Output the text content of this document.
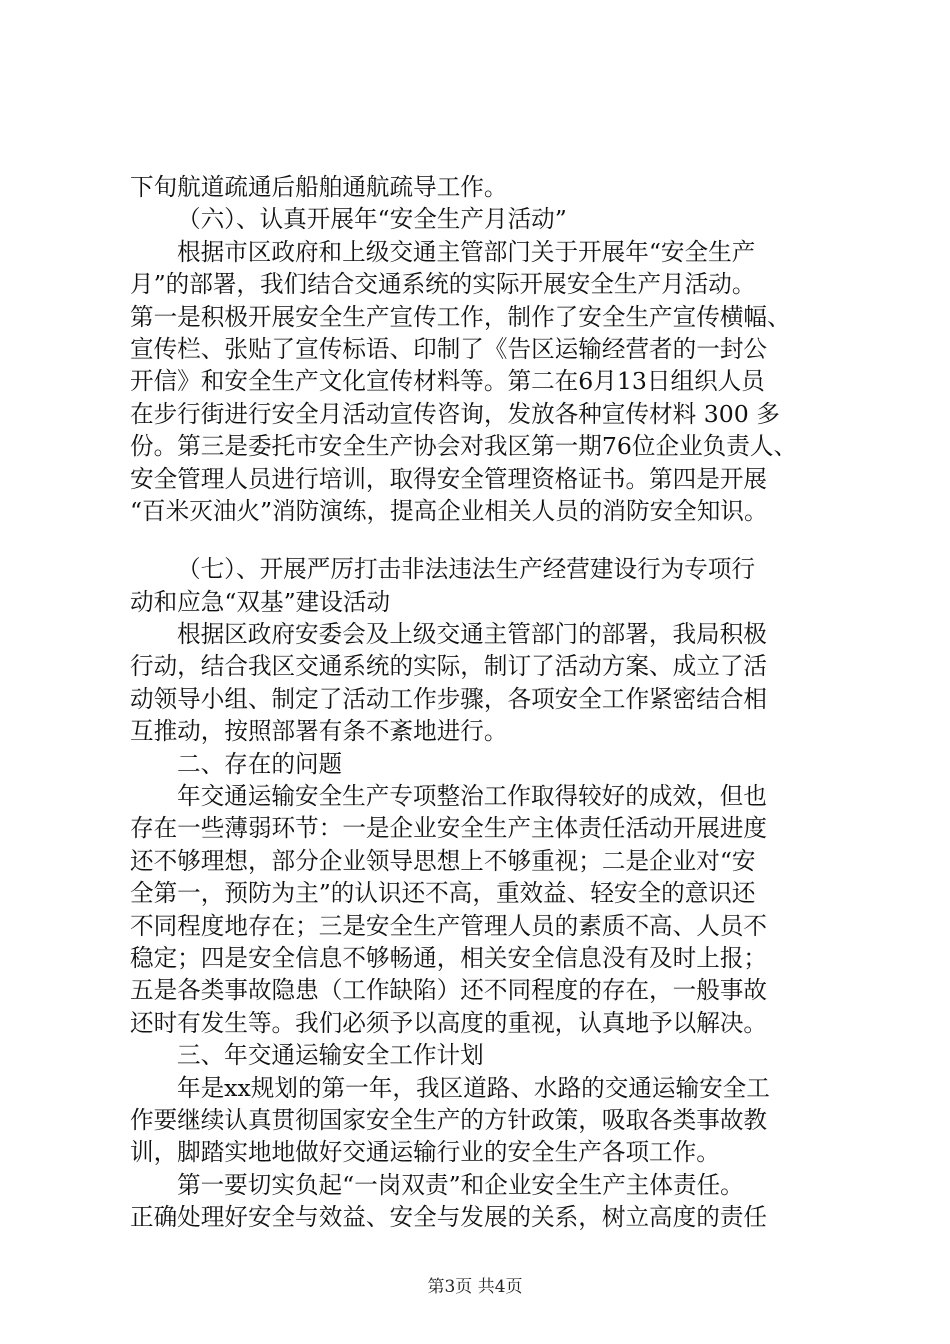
下旬航道疏通后船舶通航疏导工作。
（六）、认真开展年“安全生产月活动”
根据市区政府和上级交通主管部门关于开展年“安全生产
月”的部署，我们结合交通系统的实际开展安全生产月活动。
第一是积极开展安全生产宣传工作，制作了安全生产宣传横幅、
宣传栏、张贴了宣传标语、印制了《告区运输经营者的一封公
开信》和安全生产文化宣传材料等。第二在6月13日组织人员
在步行街进行安全月活动宣传咨询，发放各种宣传材料 300 多
份。第三是委托市安全生产协会对我区第一期76位企业负责人、
安全管理人员进行培训，取得安全管理资格证书。第四是开展
“百米灭油火”消防演练，提高企业相关人员的消防安全知识。
（七）、开展严厉打击非法违法生产经营建设行为专项行
动和应急“双基”建设活动
根据区政府安委会及上级交通主管部门的部署，我局积极
行动，结合我区交通系统的实际，制订了活动方案、成立了活
动领导小组、制定了活动工作步骤，各项安全工作紧密结合相
互推动，按照部署有条不紊地进行。
二、存在的问题
年交通运输安全生产专项整治工作取得较好的成效，但也
存在一些薄弱环节：一是企业安全生产主体责任活动开展进度
还不够理想，部分企业领导思想上不够重视；二是企业对“安
全第一，预防为主”的认识还不高，重效益、轻安全的意识还
不同程度地存在；三是安全生产管理人员的素质不高、人员不
稳定；四是安全信息不够畅通，相关安全信息没有及时上报；
五是各类事故隐患（工作缺陷）还不同程度的存在，一般事故
还时有发生等。我们必须予以高度的重视，认真地予以解决。
三、年交通运输安全工作计划
年是xx规划的第一年，我区道路、水路的交通运输安全工
作要继续认真贯彻国家安全生产的方针政策，吸取各类事故教
训，脚踏实地地做好交通运输行业的安全生产各项工作。
第一要切实负起“一岗双责”和企业安全生产主体责任。
正确处理好安全与效益、安全与发展的关系，树立高度的责任
第3页 共4页
